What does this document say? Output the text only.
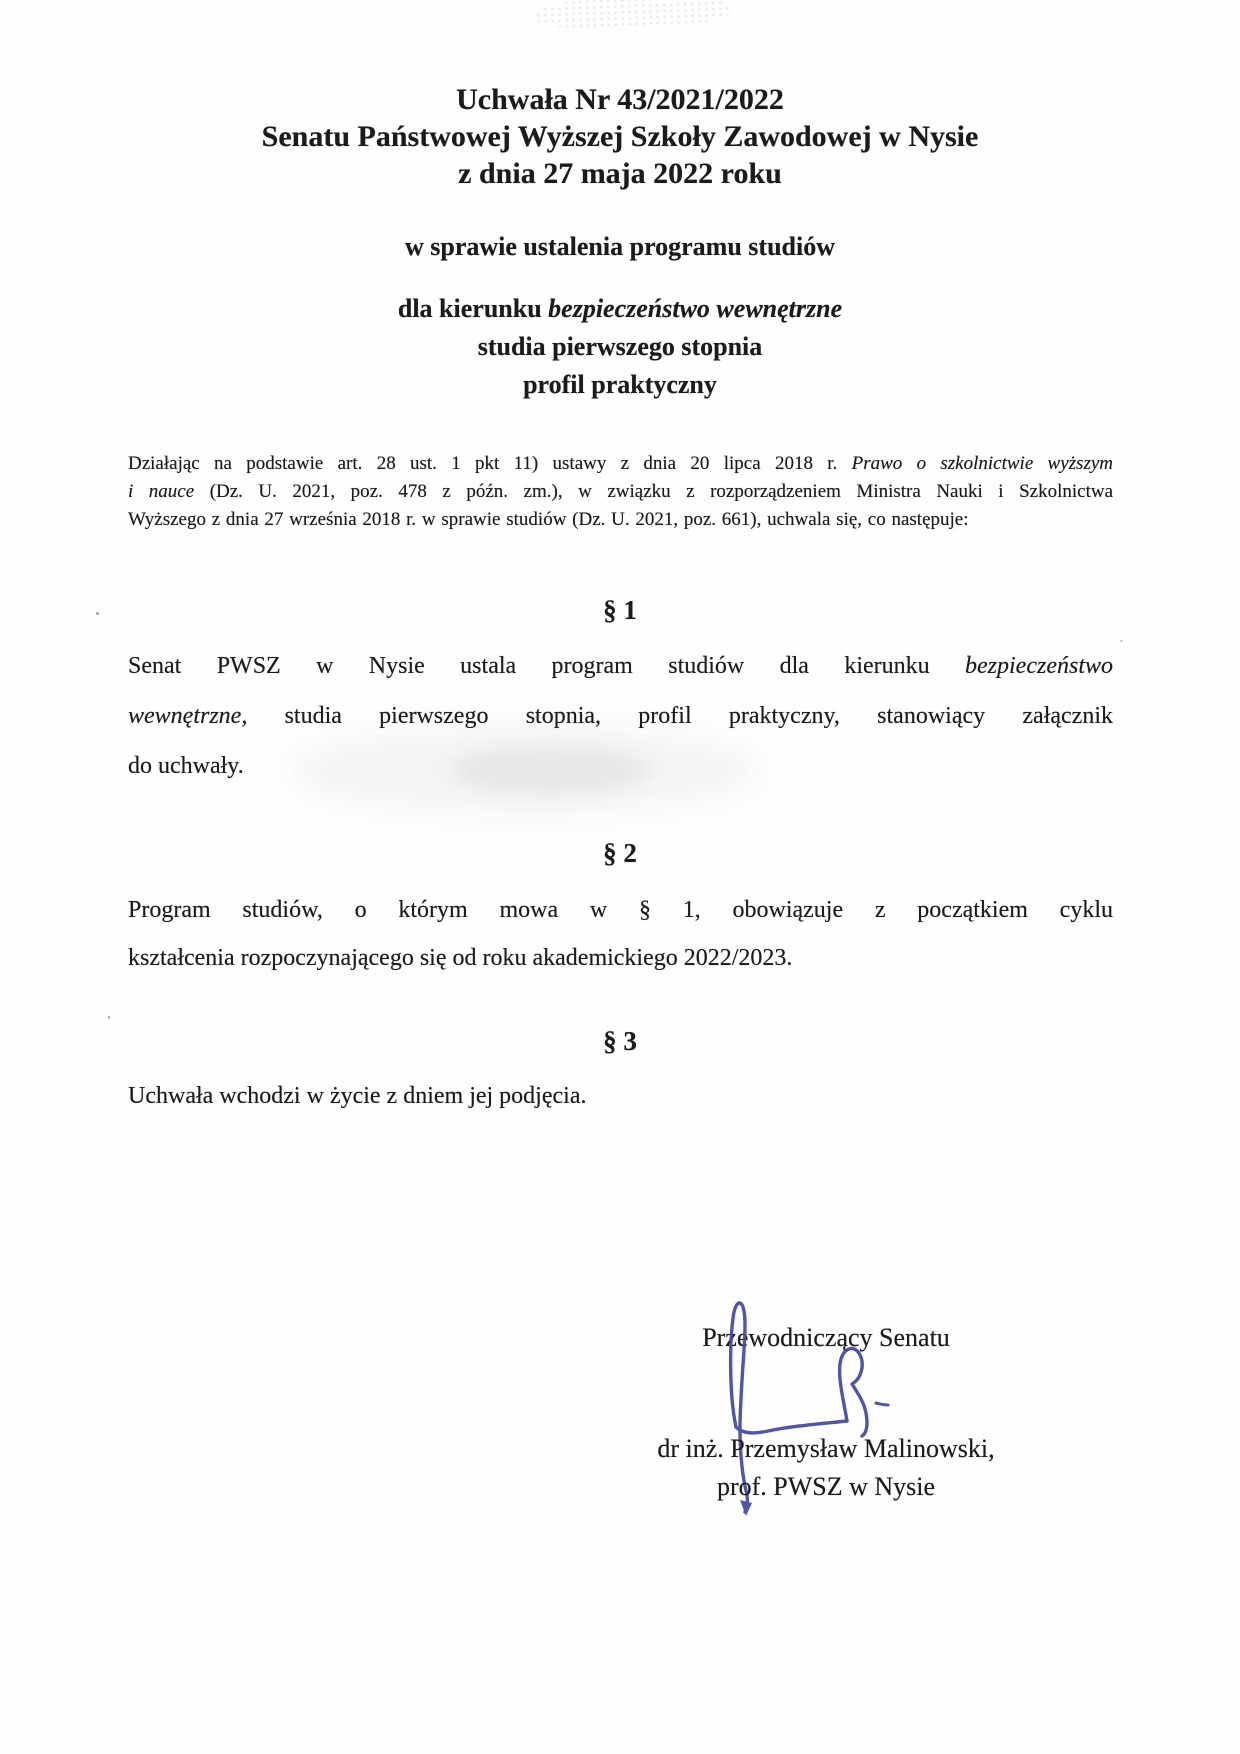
Uchwała Nr 43/2021/2022
Senatu Państwowej Wyższej Szkoły Zawodowej w Nysie
z dnia 27 maja 2022 roku
w sprawie ustalenia programu studiów
dla kierunku bezpieczeństwo wewnętrzne
studia pierwszego stopnia
profil praktyczny
Działając na podstawie art. 28 ust. 1 pkt 11) ustawy z dnia 20 lipca 2018 r. Prawo o szkolnictwie wyższym
i nauce (Dz. U. 2021, poz. 478 z późn. zm.), w związku z rozporządzeniem Ministra Nauki i Szkolnictwa
Wyższego z dnia 27 września 2018 r. w sprawie studiów (Dz. U. 2021, poz. 661), uchwala się, co następuje:
§ 1
Senat PWSZ w Nysie ustala program studiów dla kierunku bezpieczeństwo
wewnętrzne, studia pierwszego stopnia, profil praktyczny, stanowiący załącznik
do uchwały.
§ 2
Program studiów, o którym mowa w § 1, obowiązuje z początkiem cyklu
kształcenia rozpoczynającego się od roku akademickiego 2022/2023.
§ 3
Uchwała wchodzi w życie z dniem jej podjęcia.
Przewodniczący Senatu
dr inż. Przemysław Malinowski,
prof. PWSZ w Nysie
